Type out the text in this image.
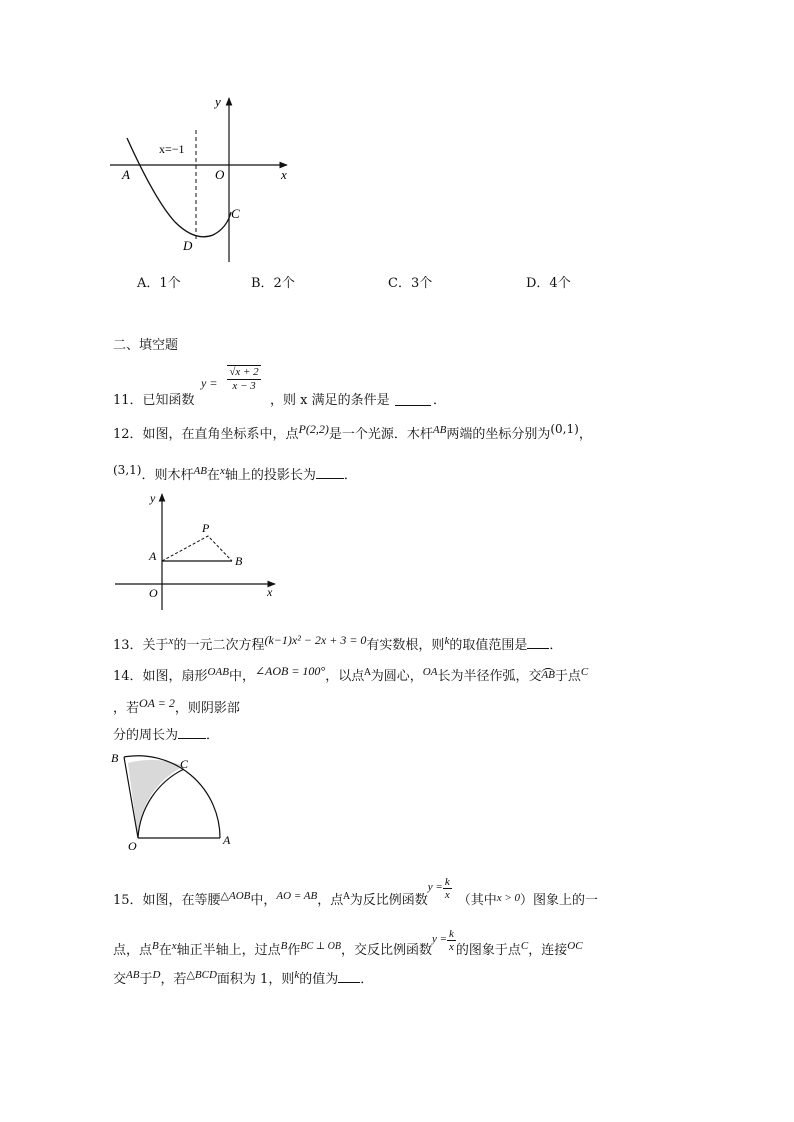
y
x
O
x=−1
A
C
D
A．1个	B．2个	C．3个	D．4个
二、填空题
11．已知函数
$y = \frac{√x + 2}{x - 3}$
，则 x 满足的条件是	．
12．如图，在直角坐标系中，点P(2,2)是一个光源．木杆$^{AB}$两端的坐标分别为(0,1)，
(3,1)．则木杆$^{AB}$在$^x$轴上的投影长为 ．
y
x
O
A	B
P
13．关于$^x$的一元二次方程(k−1)x² − 2x + 3 = 0有实数根，则$^k$的取值范围是 ．
14．如图，扇形$^{OAB}$中，∠AOB = 100°，以点$^A$为圆心，$^{OA}$长为半径作弧，交AB于点$^C$
，若OA = 2，则阴影部
分的周长为 ．
B	C
O	A
15．如图，在等腰$^{\triangle AOB}$中，$^{AO = AB}$，点$^A$为反比例函数$^{y =} \frac{k}{x}$ （其中$^{x > 0}$）图象上的一
点，点$^B$在$^x$轴正半轴上，过点$^B$作$^{BC \perp OB}$，交反比例函数$^{y =} \frac{k}{x}$ 的图象于点$^C$，连接$^{OC}$
交$^{AB}$于$^D$，若$^{\triangle BCD}$面积为 1，则$^k$的值为 ．
